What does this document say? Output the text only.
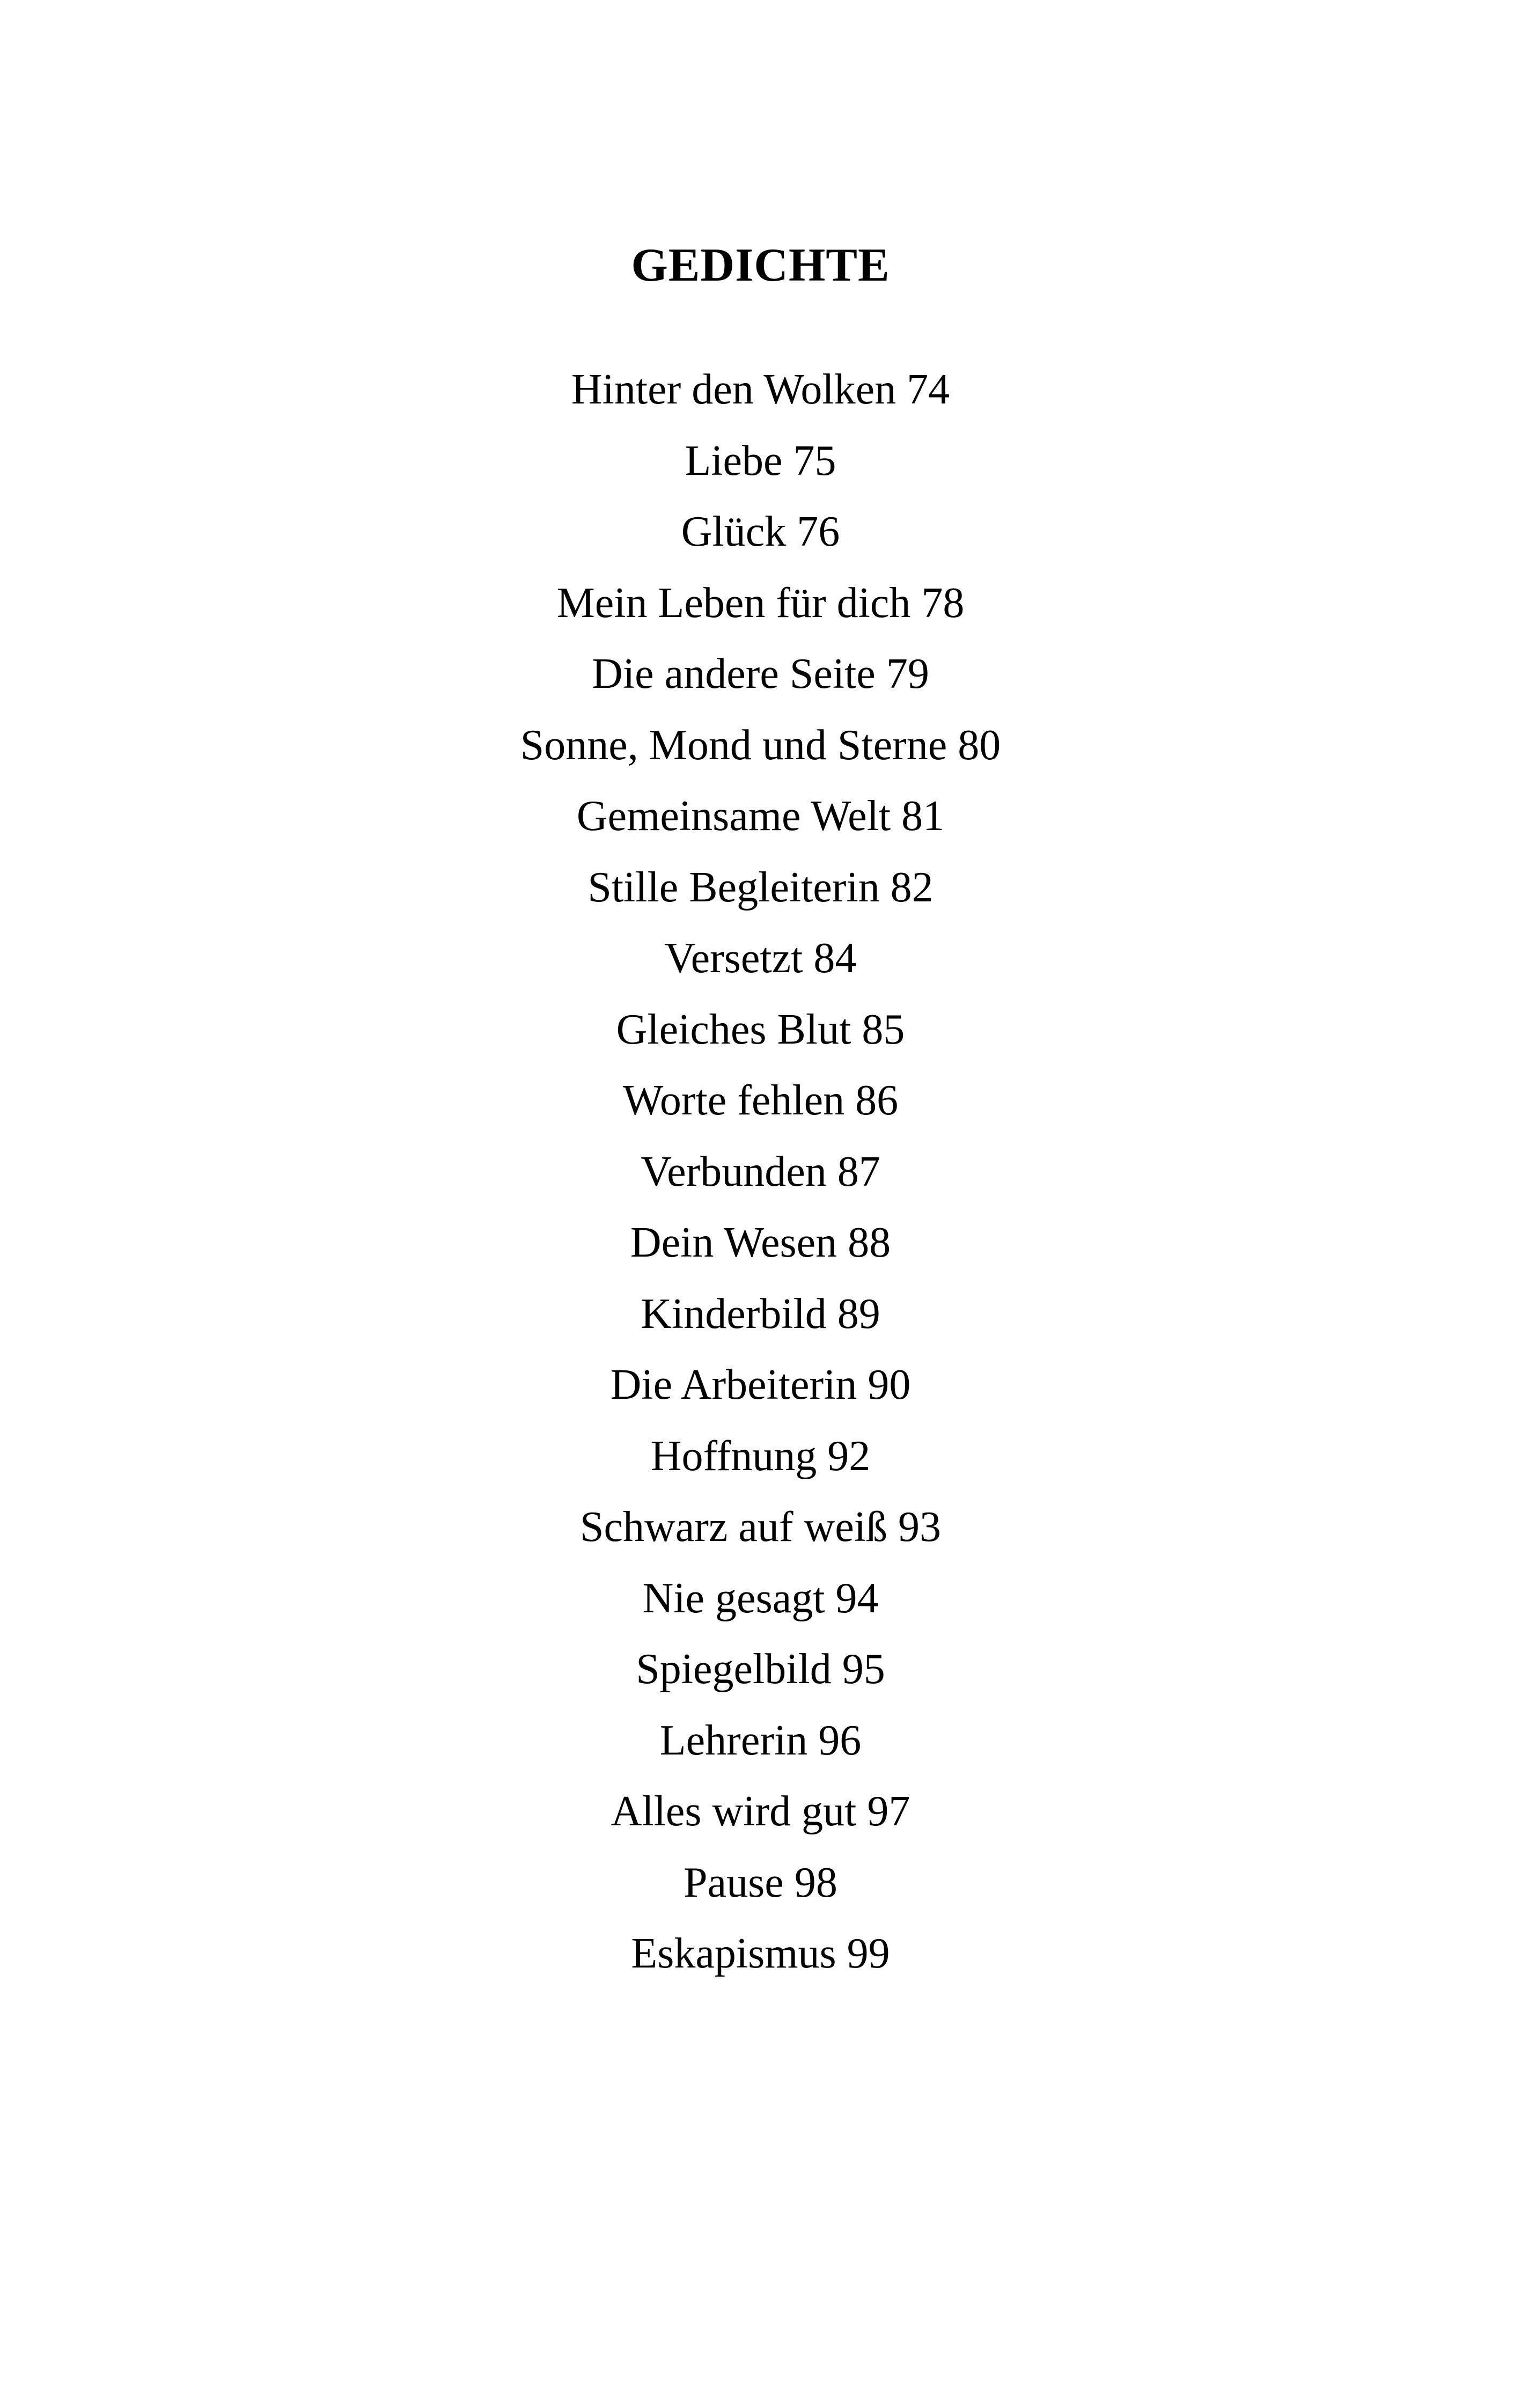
GEDICHTE
Hinter den Wolken 74
Liebe 75
Glück 76
Mein Leben für dich 78
Die andere Seite 79
Sonne, Mond und Sterne 80
Gemeinsame Welt 81
Stille Begleiterin 82
Versetzt 84
Gleiches Blut 85
Worte fehlen 86
Verbunden 87
Dein Wesen 88
Kinderbild 89
Die Arbeiterin 90
Hoffnung 92
Schwarz auf weiß 93
Nie gesagt 94
Spiegelbild 95
Lehrerin 96
Alles wird gut 97
Pause 98
Eskapismus 99
